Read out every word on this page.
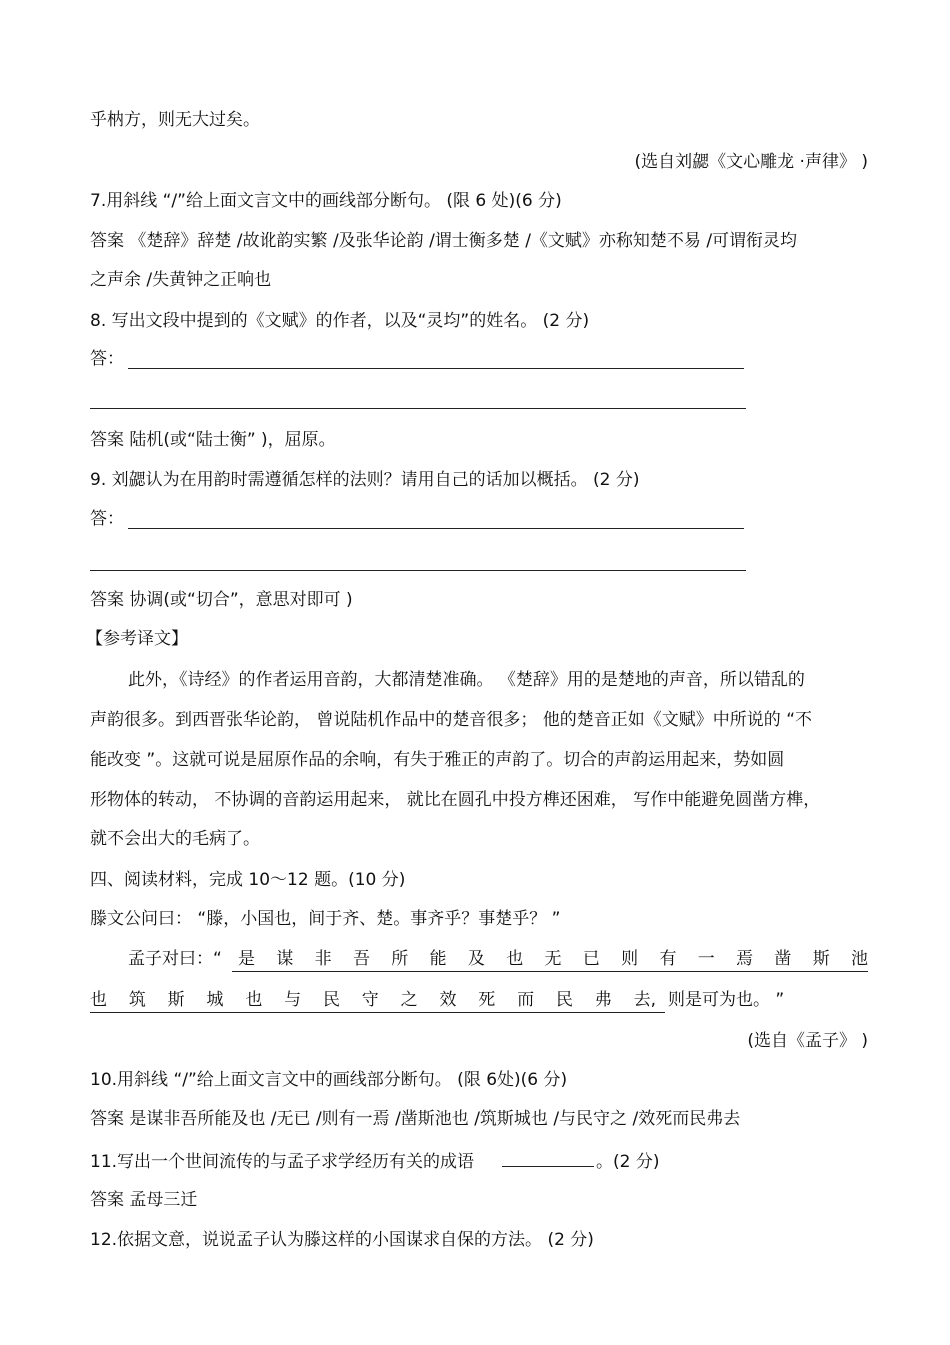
乎枘方，则无大过矣。
(选自刘勰《文心雕龙 ·声律》 )
7.用斜线 “/”给上面文言文中的画线部分断句。 (限 6 处)(6 分)
答案 《楚辞》辞楚 /故讹韵实繁 /及张华论韵 /谓士衡多楚 /《文赋》亦称知楚不易 /可谓衔灵均
之声余 /失黄钟之正响也
8. 写出文段中提到的《文赋》的作者，以及“灵均”的姓名。 (2 分)
答：
答案 陆机(或“陆士衡” )，屈原。
9. 刘勰认为在用韵时需遵循怎样的法则？请用自己的话加以概括。 (2 分)
答：
答案 协调(或“切合”，意思对即可 )
【参考译文】
此外，《诗经》的作者运用音韵，大都清楚准确。 《楚辞》用的是楚地的声音，所以错乱的
声韵很多。到西晋张华论韵， 曾说陆机作品中的楚音很多； 他的楚音正如《文赋》中所说的 “不
能改变 ”。这就可说是屈原作品的余响，有失于雅正的声韵了。切合的声韵运用起来，势如圆
形物体的转动， 不协调的音韵运用起来， 就比在圆孔中投方榫还困难， 写作中能避免圆凿方榫，
就不会出大的毛病了。
四、阅读材料，完成 10～12 题。(10 分)
滕文公问曰： “滕，小国也，间于齐、楚。事齐乎？事楚乎？ ”
孟子对曰：“ 是 谋 非 吾 所 能 及 也 无 已 则 有 一 焉 凿 斯 池
也 筑 斯 城 也 与 民 守 之 效 死 而 民 弗 去, 则是可为也。 ”
(选自《孟子》 )
10.用斜线 “/”给上面文言文中的画线部分断句。 (限 6处)(6 分)
答案 是谋非吾所能及也 /无已 /则有一焉 /凿斯池也 /筑斯城也 /与民守之 /效死而民弗去
11.写出一个世间流传的与孟子求学经历有关的成语	。(2 分)
答案 孟母三迁
12.依据文意，说说孟子认为滕这样的小国谋求自保的方法。 (2 分)
